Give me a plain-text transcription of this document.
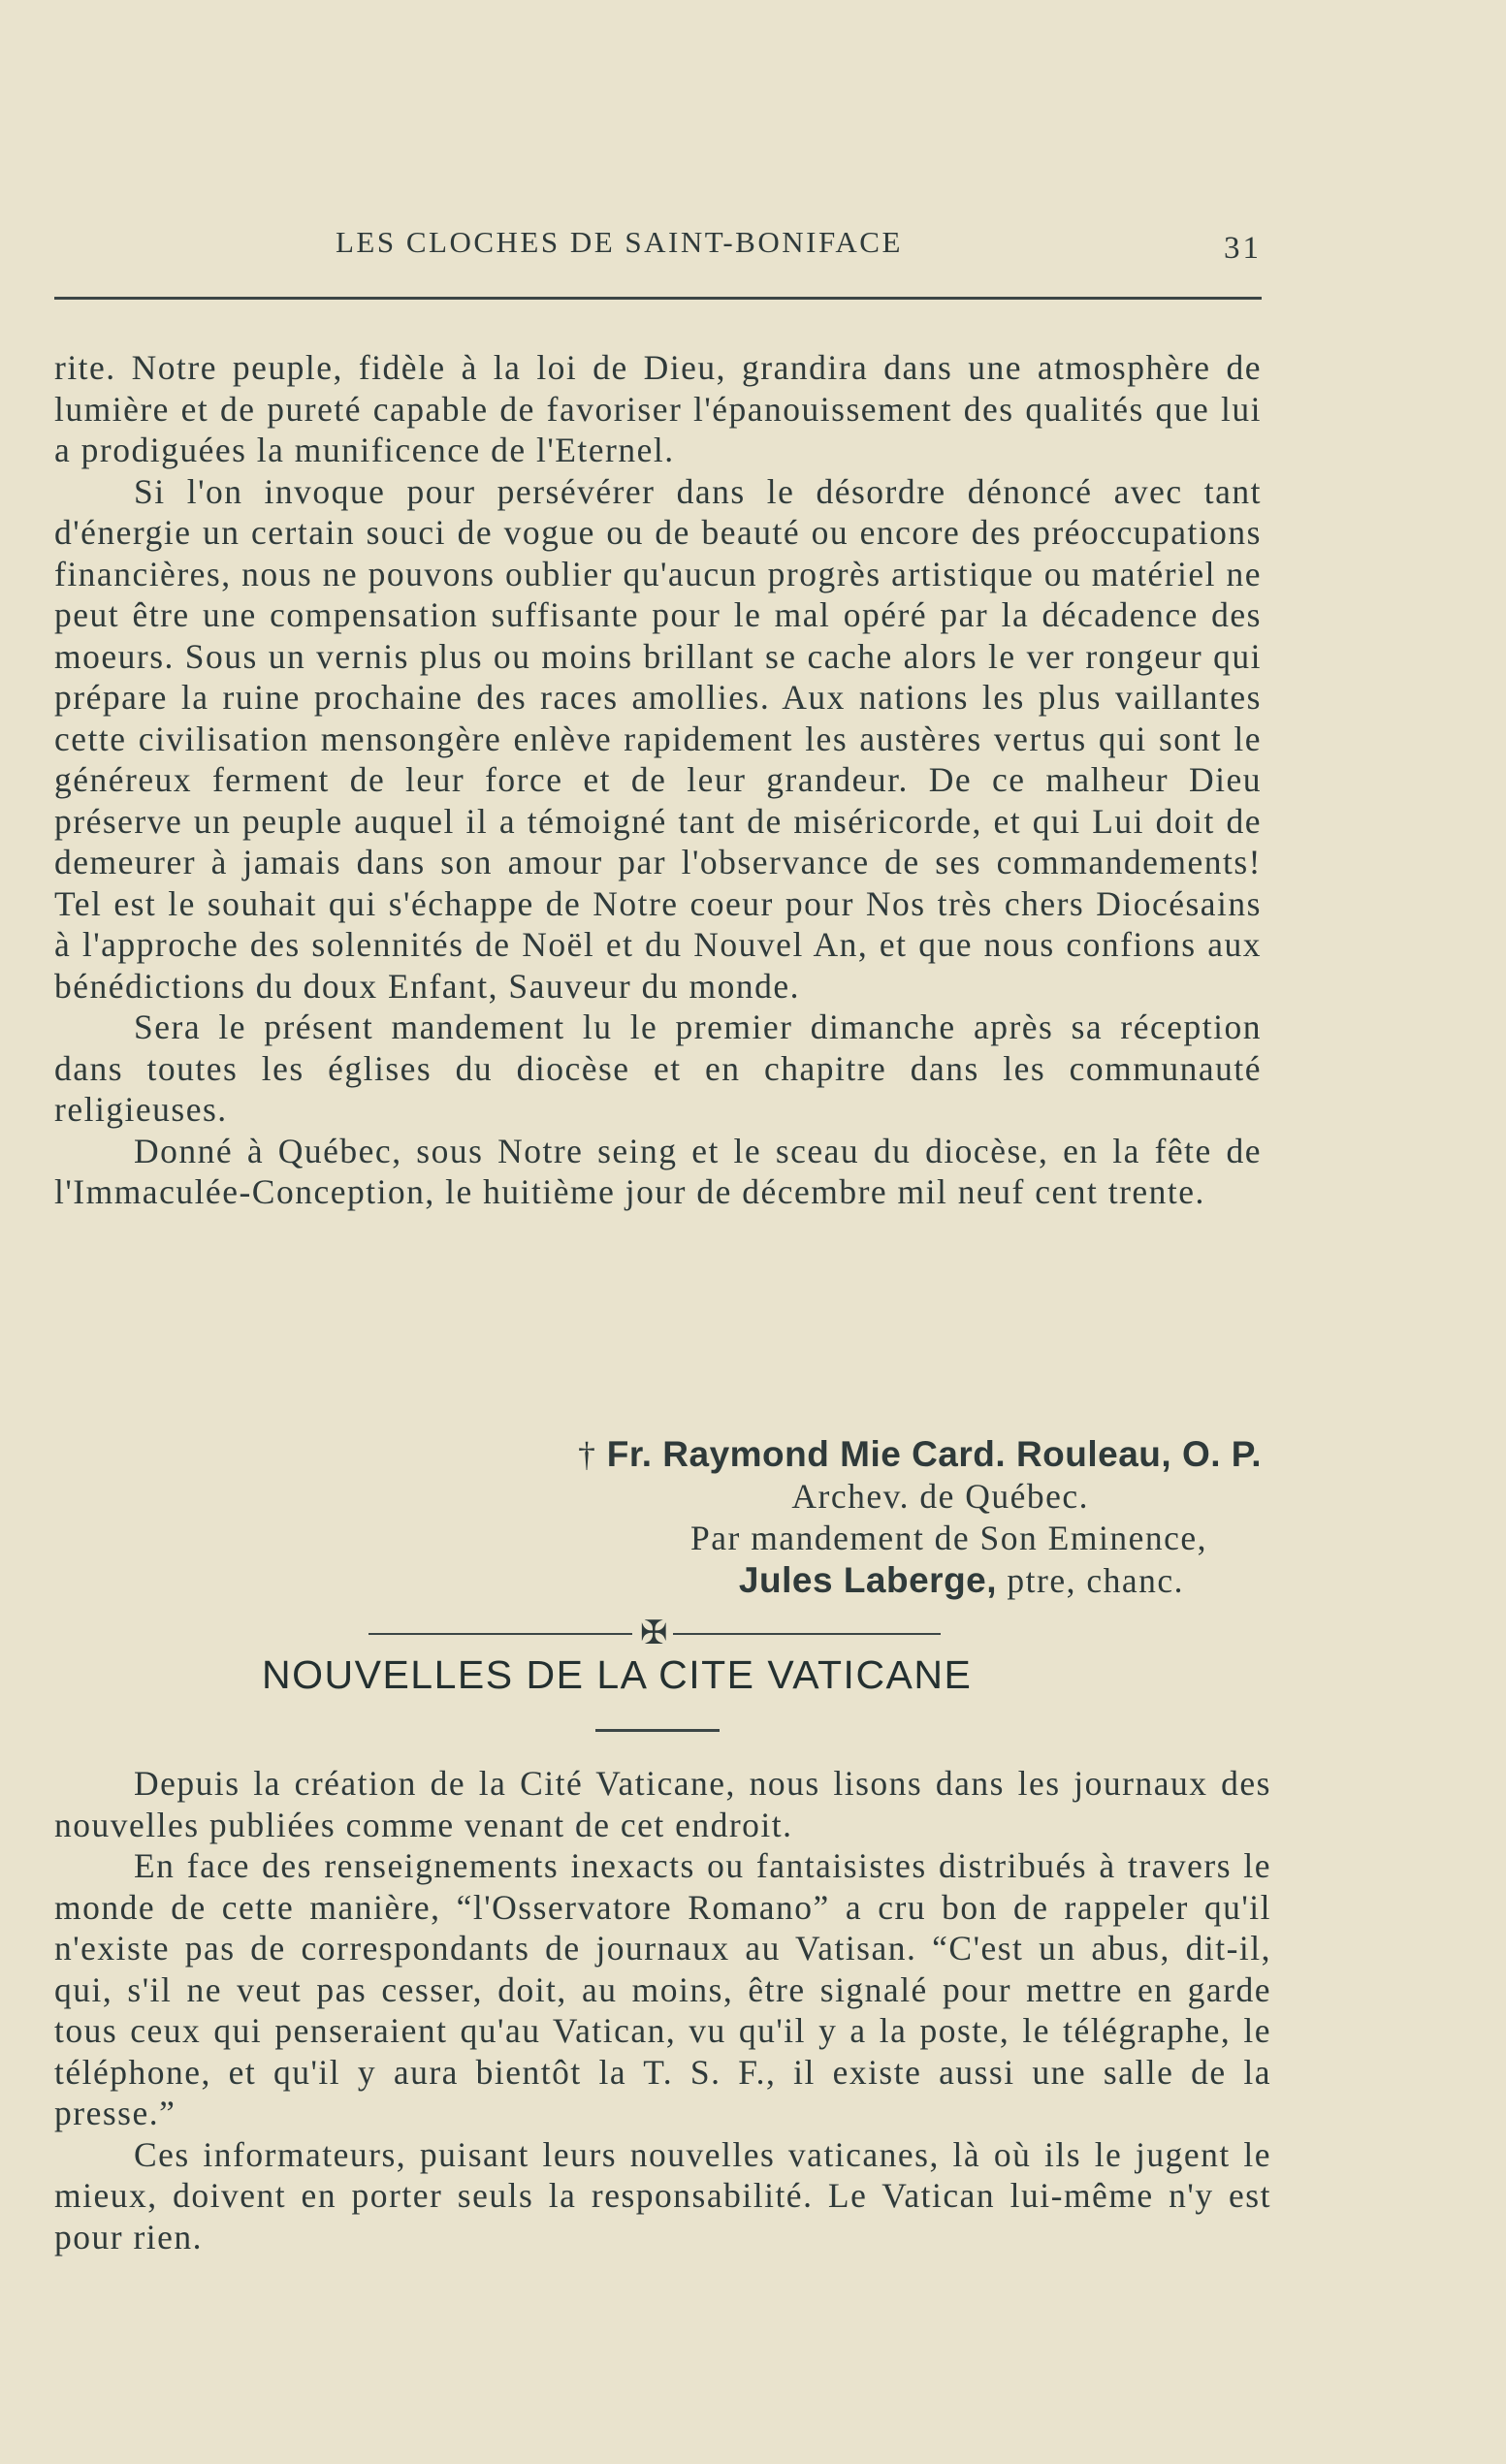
LES CLOCHES DE SAINT-BONIFACE	31

rite. Notre peuple, fidèle à la loi de Dieu, grandira dans une atmosphère de lumière et de pureté capable de favoriser l'épanouissement des qualités que lui a prodiguées la munificence de l'Eternel.

Si l'on invoque pour persévérer dans le désordre dénoncé avec tant d'énergie un certain souci de vogue ou de beauté ou encore des préoccupations financières, nous ne pouvons oublier qu'aucun progrès artistique ou matériel ne peut être une compensation suffisante pour le mal opéré par la décadence des moeurs. Sous un vernis plus ou moins brillant se cache alors le ver rongeur qui prépare la ruine prochaine des races amollies. Aux nations les plus vaillantes cette civilisation mensongère enlève rapidement les austères vertus qui sont le généreux ferment de leur force et de leur grandeur. De ce malheur Dieu préserve un peuple auquel il a témoigné tant de miséricorde, et qui Lui doit de demeurer à jamais dans son amour par l'observance de ses commandements! Tel est le souhait qui s'échappe de Notre coeur pour Nos très chers Diocésains à l'approche des solennités de Noël et du Nouvel An, et que nous confions aux bénédictions du doux Enfant, Sauveur du monde.

Sera le présent mandement lu le premier dimanche après sa réception dans toutes les églises du diocèse et en chapitre dans les communauté religieuses.

Donné à Québec, sous Notre seing et le sceau du diocèse, en la fête de l'Immaculée-Conception, le huitième jour de décembre mil neuf cent trente.

† Fr. Raymond Mie Card. Rouleau, O. P.
Archev. de Québec.
Par mandement de Son Eminence,
Jules Laberge, ptre, chanc.
✠
NOUVELLES DE LA CITE VATICANE

Depuis la création de la Cité Vaticane, nous lisons dans les journaux des nouvelles publiées comme venant de cet endroit.

En face des renseignements inexacts ou fantaisistes distribués à travers le monde de cette manière, “l'Osservatore Romano” a cru bon de rappeler qu'il n'existe pas de correspondants de journaux au Vatisan. “C'est un abus, dit-il, qui, s'il ne veut pas cesser, doit, au moins, être signalé pour mettre en garde tous ceux qui penseraient qu'au Vatican, vu qu'il y a la poste, le télégraphe, le téléphone, et qu'il y aura bientôt la T. S. F., il existe aussi une salle de la presse.”

Ces informateurs, puisant leurs nouvelles vaticanes, là où ils le jugent le mieux, doivent en porter seuls la responsabilité. Le Vatican lui-même n'y est pour rien.
